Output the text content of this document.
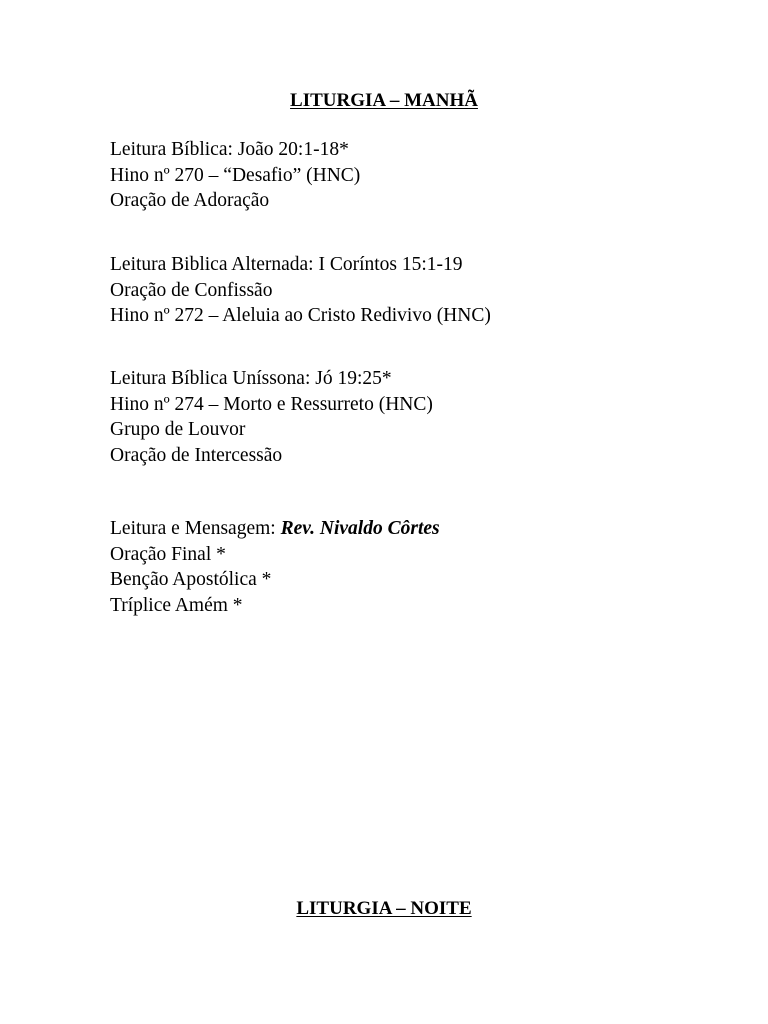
LITURGIA – MANHÃ
Leitura Bíblica: João 20:1-18*
Hino nº 270 – “Desafio” (HNC)
Oração de Adoração
Leitura Biblica Alternada: I Coríntos 15:1-19
Oração de Confissão
Hino nº 272 – Aleluia ao Cristo Redivivo (HNC)
Leitura Bíblica Uníssona: Jó 19:25*
Hino nº 274 – Morto e Ressurreto (HNC)
Grupo de Louvor
Oração de Intercessão
Leitura e Mensagem: Rev. Nivaldo Côrtes
Oração Final *
Benção Apostólica *
Tríplice Amém *
LITURGIA – NOITE
